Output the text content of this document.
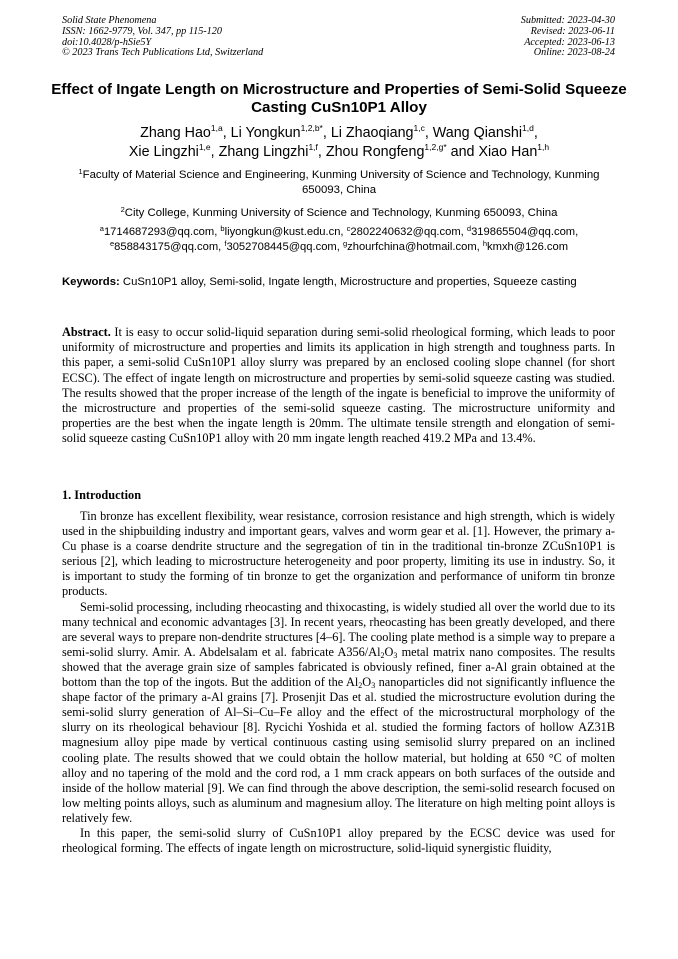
Solid State Phenomena
ISSN: 1662-9779, Vol. 347, pp 115-120
doi:10.4028/p-hSie5Y
© 2023 Trans Tech Publications Ltd, Switzerland
Submitted: 2023-04-30
Revised: 2023-06-11
Accepted: 2023-06-13
Online: 2023-08-24
Effect of Ingate Length on Microstructure and Properties of Semi-Solid Squeeze Casting CuSn10P1 Alloy
Zhang Hao$^{1,a}$, Li Yongkun$^{1,2,b*}$, Li Zhaoqiang$^{1,c}$, Wang Qianshi$^{1,d}$,
Xie Lingzhi$^{1,e}$, Zhang Lingzhi$^{1,f}$, Zhou Rongfeng$^{1,2,g*}$ and Xiao Han$^{1,h}$
$^1$Faculty of Material Science and Engineering, Kunming University of Science and Technology, Kunming 650093, China
$^2$City College, Kunming University of Science and Technology, Kunming 650093, China
$^a$1714687293@qq.com, $^b$liyongkun@kust.edu.cn, $^c$2802240632@qq.com, $^d$319865504@qq.com,
$^e$858843175@qq.com, $^f$3052708445@qq.com, $^g$zhourfchina@hotmail.com, $^h$kmxh@126.com
Keywords: CuSn10P1 alloy, Semi-solid, Ingate length, Microstructure and properties, Squeeze casting
Abstract. It is easy to occur solid-liquid separation during semi-solid rheological forming, which leads to poor uniformity of microstructure and properties and limits its application in high strength and toughness parts. In this paper, a semi-solid CuSn10P1 alloy slurry was prepared by an enclosed cooling slope channel (for short ECSC). The effect of ingate length on microstructure and properties by semi-solid squeeze casting was studied. The results showed that the proper increase of the length of the ingate is beneficial to improve the uniformity of the microstructure and properties of the semi-solid squeeze casting. The microstructure uniformity and properties are the best when the ingate length is 20mm. The ultimate tensile strength and elongation of semi-solid squeeze casting CuSn10P1 alloy with 20 mm ingate length reached 419.2 MPa and 13.4%.
1. Introduction

Tin bronze has excellent flexibility, wear resistance, corrosion resistance and high strength, which is widely used in the shipbuilding industry and important gears, valves and worm gear et al. [1]. However, the primary a-Cu phase is a coarse dendrite structure and the segregation of tin in the traditional tin-bronze ZCuSn10P1 is serious [2], which leading to microstructure heterogeneity and poor property, limiting its use in industry. So, it is important to study the forming of tin bronze to get the organization and performance of uniform tin bronze products.

Semi-solid processing, including rheocasting and thixocasting, is widely studied all over the world due to its many technical and economic advantages [3]. In recent years, rheocasting has been greatly developed, and there are several ways to prepare non-dendrite structures [4–6]. The cooling plate method is a simple way to prepare a semi-solid slurry. Amir. A. Abdelsalam et al. fabricate $A356/Al_2O_3$ metal matrix nano composites. The results showed that the average grain size of samples fabricated is obviously refined, finer a-Al grain obtained at the bottom than the top of the ingots. But the addition of the $Al_2O_3$ nanoparticles did not significantly influence the shape factor of the primary a-Al grains [7]. Prosenjit Das et al. studied the microstructure evolution during the semi-solid slurry generation of Al–Si–Cu–Fe alloy and the effect of the microstructural morphology of the slurry on its rheological behaviour [8]. Rycichi Yoshida et al. studied the forming factors of hollow AZ31B magnesium alloy pipe made by vertical continuous casting using semisolid slurry prepared on an inclined cooling plate. The results showed that we could obtain the hollow material, but holding at 650 °C of molten alloy and no tapering of the mold and the cord rod, a 1 mm crack appears on both surfaces of the outside and inside of the hollow material [9]. We can find through the above description, the semi-solid research focused on low melting points alloys, such as aluminum and magnesium alloy. The literature on high melting point alloys is relatively few.

In this paper, the semi-solid slurry of CuSn10P1 alloy prepared by the ECSC device was used for rheological forming. The effects of ingate length on microstructure, solid-liquid synergistic fluidity,
